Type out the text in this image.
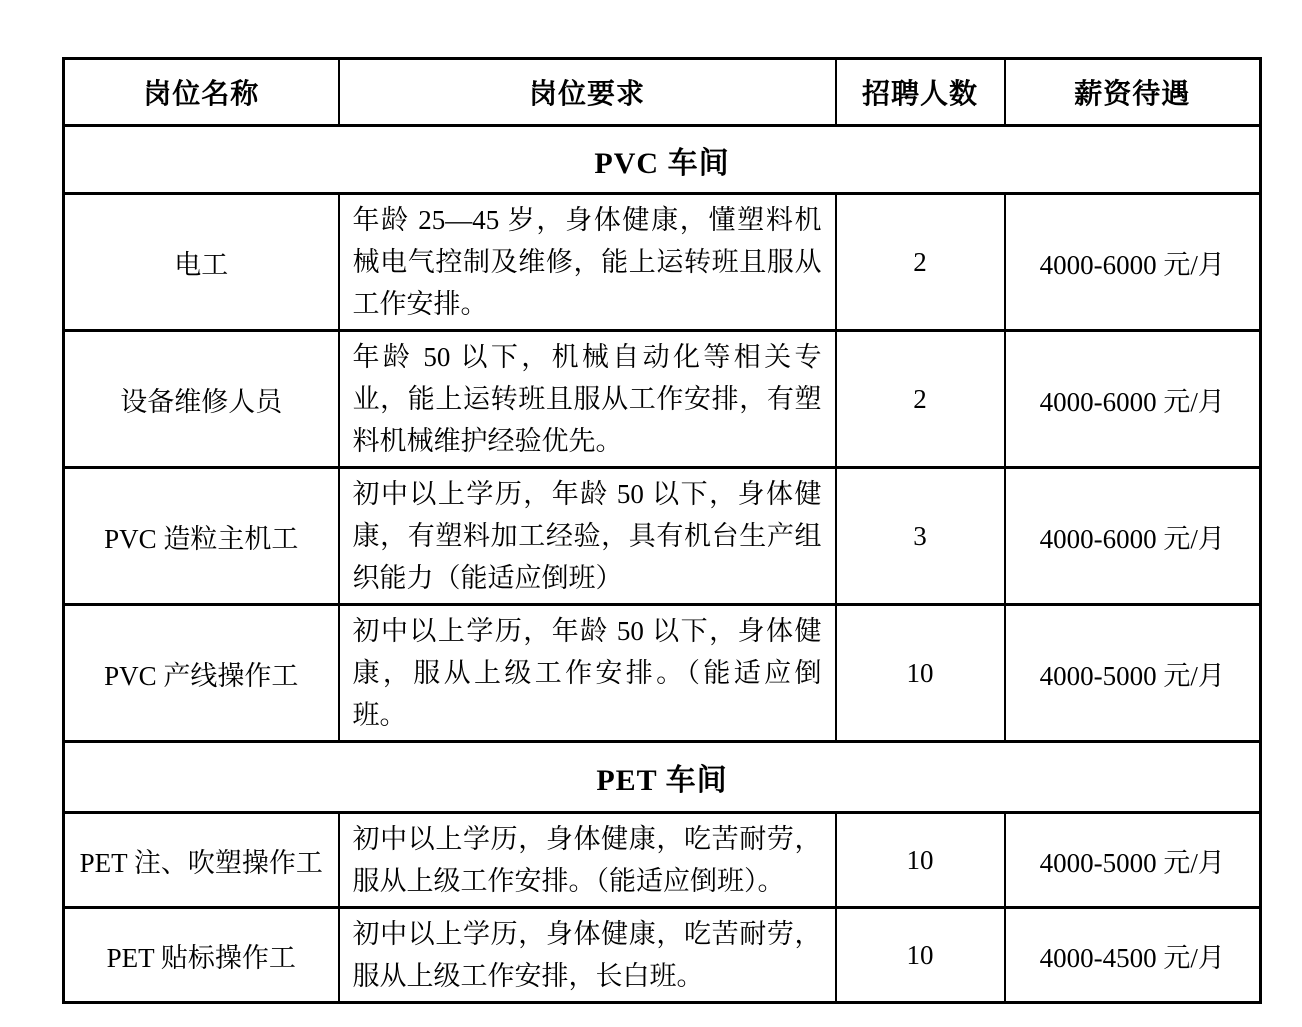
岗位名称	岗位要求	招聘人数	薪资待遇
PVC 车间			
电工	年龄 25—45 岁，身体健康，懂塑料机械电气控制及维修，能上运转班且服从工作安排。	2	4000-6000 元/月
设备维修人员	年龄 50 以下，机械自动化等相关专业，能上运转班且服从工作安排，有塑料机械维护经验优先。	2	4000-6000 元/月
PVC 造粒主机工	初中以上学历，年龄 50 以下，身体健康，有塑料加工经验，具有机台生产组织能力（能适应倒班）	3	4000-6000 元/月
PVC 产线操作工	初中以上学历，年龄 50 以下，身体健康，服从上级工作安排。（能适应倒班。	10	4000-5000 元/月
PET 车间			
PET 注、吹塑操作工	初中以上学历，身体健康，吃苦耐劳，服从上级工作安排。（能适应倒班）。	10	4000-5000 元/月
PET 贴标操作工	初中以上学历，身体健康，吃苦耐劳，服从上级工作安排，长白班。	10	4000-4500 元/月
